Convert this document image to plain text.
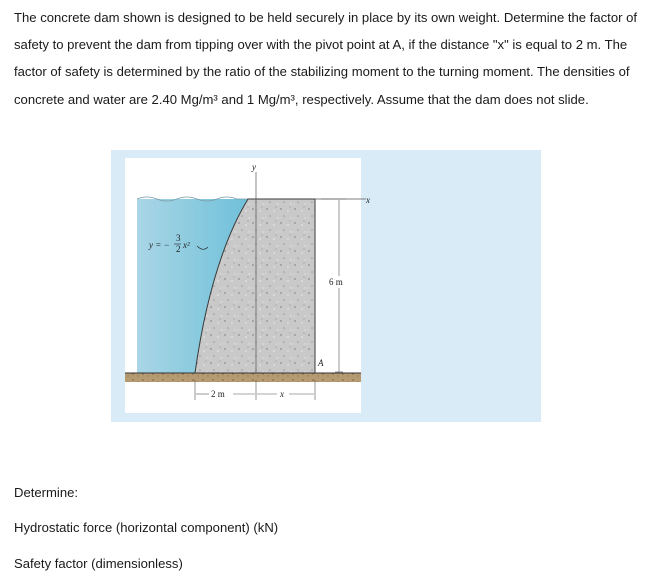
The concrete dam shown is designed to be held securely in place by its own weight. Determine the factor of safety to prevent the dam from tipping over with the pivot point at A, if the distance "x" is equal to 2 m. The factor of safety is determined by the ratio of the stabilizing moment to the turning moment. The densities of concrete and water are 2.40 Mg/m³ and 1 Mg/m³, respectively. Assume that the dam does not slide.

y
x
y = −
3
2 x²
6 m
A
2 m	x

Determine:

Hydrostatic force (horizontal component) (kN)

Safety factor (dimensionless)
